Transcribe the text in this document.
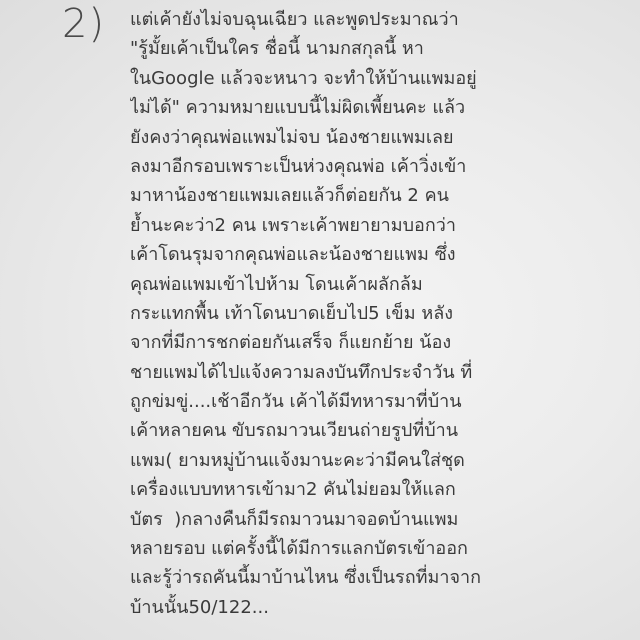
2) แต่เค้ายังไม่จบฉุนเฉียว และพูดประมาณว่า
"รู้มั้ยเค้าเป็นใคร ชื่อนี้ นามกสกุลนี้ หา
ในGoogle แล้วจะหนาว จะทำให้บ้านแพมอยู่
ไม่ได้" ความหมายแบบนี้ไม่ผิดเพี้ยนคะ แล้ว
ยังคงว่าคุณพ่อแพมไม่จบ น้องชายแพมเลย
ลงมาอีกรอบเพราะเป็นห่วงคุณพ่อ เค้าวิ่งเข้า
มาหาน้องชายแพมเลยแล้วก็ต่อยกัน 2 คน
ย้ำนะคะว่า2 คน เพราะเค้าพยายามบอกว่า
เค้าโดนรุมจากคุณพ่อและน้องชายแพม ซึ่ง
คุณพ่อแพมเข้าไปห้าม โดนเค้าผลักล้ม
กระแทกพื้น เท้าโดนบาดเย็บไป5 เข็ม หลัง
จากที่มีการชกต่อยกันเสร็จ ก็แยกย้าย น้อง
ชายแพมได้ไปแจ้งความลงบันทึกประจำวัน ที่
ถูกข่มขู่....เช้าอีกวัน เค้าได้มีทหารมาที่บ้าน
เค้าหลายคน ขับรถมาวนเวียนถ่ายรูปที่บ้าน
แพม( ยามหมู่บ้านแจ้งมานะคะว่ามีคนใส่ชุด
เครื่องแบบทหารเข้ามา2 คันไม่ยอมให้แลก
บัตร  )กลางคืนก็มีรถมาวนมาจอดบ้านแพม
หลายรอบ แต่ครั้งนี้ได้มีการแลกบัตรเข้าออก
และรู้ว่ารถคันนี้มาบ้านไหน ซึ่งเป็นรถที่มาจาก
บ้านนั้น50/122...
